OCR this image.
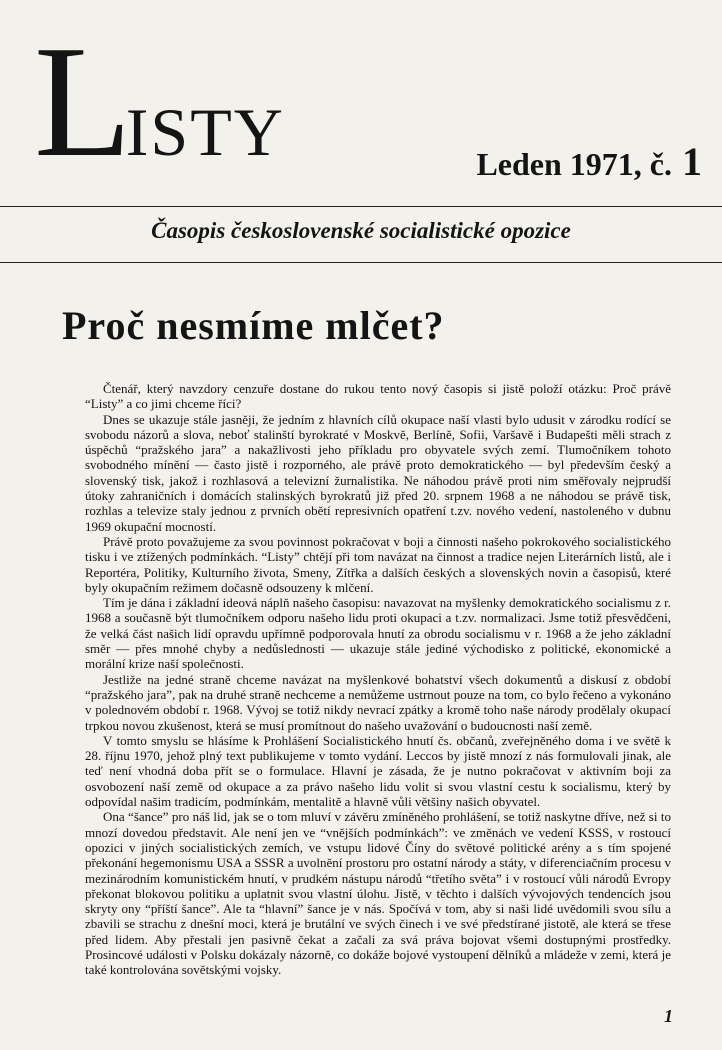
LISTY	Leden 1971, č. 1
Časopis československé socialistické opozice
Proč nesmíme mlčet?

Čtenář, který navzdory cenzuře dostane do rukou tento nový časopis si jistě položí otázku: Proč právě “Listy” a co jimi chceme říci?

Dnes se ukazuje stále jasněji, že jedním z hlavních cílů okupace naší vlasti bylo udusit v zárodku rodící se svobodu názorů a slova, neboť stalinští byrokraté v Moskvě, Berlíně, Sofii, Varšavě i Budapešti měli strach z úspěchů “pražského jara” a nakažlivosti jeho příkladu pro obyvatele svých zemí. Tlumočníkem tohoto svobodného mínění — často jistě i rozporného, ale právě proto demokratického — byl především český a slovenský tisk, jakož i rozhlasová a televizní žurnalistika. Ne náhodou právě proti nim směřovaly nejprudší útoky zahraničních i domácích stalinských byrokratů již před 20. srpnem 1968 a ne náhodou se právě tisk, rozhlas a televize staly jednou z prvních obětí represivních opatření t.zv. nového vedení, nastoleného v dubnu 1969 okupační mocností.

Právě proto považujeme za svou povinnost pokračovat v boji a činnosti našeho pokrokového socialistického tisku i ve ztížených podmínkách. “Listy” chtějí při tom navázat na činnost a tradice nejen Literárních listů, ale i Reportéra, Politiky, Kulturního života, Smeny, Zítřka a dalších českých a slovenských novin a časopisů, které byly okupačním režimem dočasně odsouzeny k mlčení.

Tím je dána i základní ideová náplň našeho časopisu: navazovat na myšlenky demokratického socialismu z r. 1968 a současně být tlumočníkem odporu našeho lidu proti okupaci a t.zv. normalizaci. Jsme totiž přesvědčeni, že velká část našich lidí opravdu upřímně podporovala hnutí za obrodu socialismu v r. 1968 a že jeho základní směr — přes mnohé chyby a nedůslednosti — ukazuje stále jediné východisko z politické, ekonomické a morální krize naší společnosti.

Jestliže na jedné straně chceme navázat na myšlenkové bohatství všech dokumentů a diskusí z období “pražského jara”, pak na druhé straně nechceme a nemůžeme ustrnout pouze na tom, co bylo řečeno a vykonáno v polednovém období r. 1968. Vývoj se totiž nikdy nevrací zpátky a kromě toho naše národy prodělaly okupací trpkou novou zkušenost, která se musí promítnout do našeho uvažování o budoucnosti naší země.

V tomto smyslu se hlásíme k Prohlášení Socialistického hnutí čs. občanů, zveřejněného doma i ve světě k 28. říjnu 1970, jehož plný text publikujeme v tomto vydání. Leccos by jistě mnozí z nás formulovali jinak, ale teď není vhodná doba přít se o formulace. Hlavní je zásada, že je nutno pokračovat v aktivním boji za osvobození naší země od okupace a za právo našeho lidu volit si svou vlastní cestu k socialismu, který by odpovídal našim tradicím, podmínkám, mentalitě a hlavně vůli většiny našich obyvatel.

Ona “šance” pro náš lid, jak se o tom mluví v závěru zmíněného prohlášení, se totiž naskytne dříve, než si to mnozí dovedou představit. Ale není jen ve “vnějších podmínkách”: ve změnách ve vedení KSSS, v rostoucí opozici v jiných socialistických zemích, ve vstupu lidové Číny do světové politické arény a s tím spojené překonání hegemonismu USA a SSSR a uvolnění prostoru pro ostatní národy a státy, v diferenciačním procesu v mezinárodním komunistickém hnutí, v prudkém nástupu národů “třetího světa” i v rostoucí vůli národů Evropy překonat blokovou politiku a uplatnit svou vlastní úlohu. Jistě, v těchto i dalších vývojových tendencích jsou skryty ony “příští šance”. Ale ta “hlavní” šance je v nás. Spočívá v tom, aby si naši lidé uvědomili svou sílu a zbavili se strachu z dnešní moci, která je brutální ve svých činech i ve své předstírané jistotě, ale která se třese před lidem. Aby přestali jen pasivně čekat a začali za svá práva bojovat všemi dostupnými prostředky. Prosincové události v Polsku dokázaly názorně, co dokáže bojové vystoupení dělníků a mládeže v zemi, která je také kontrolována sovětskými vojsky.

1
